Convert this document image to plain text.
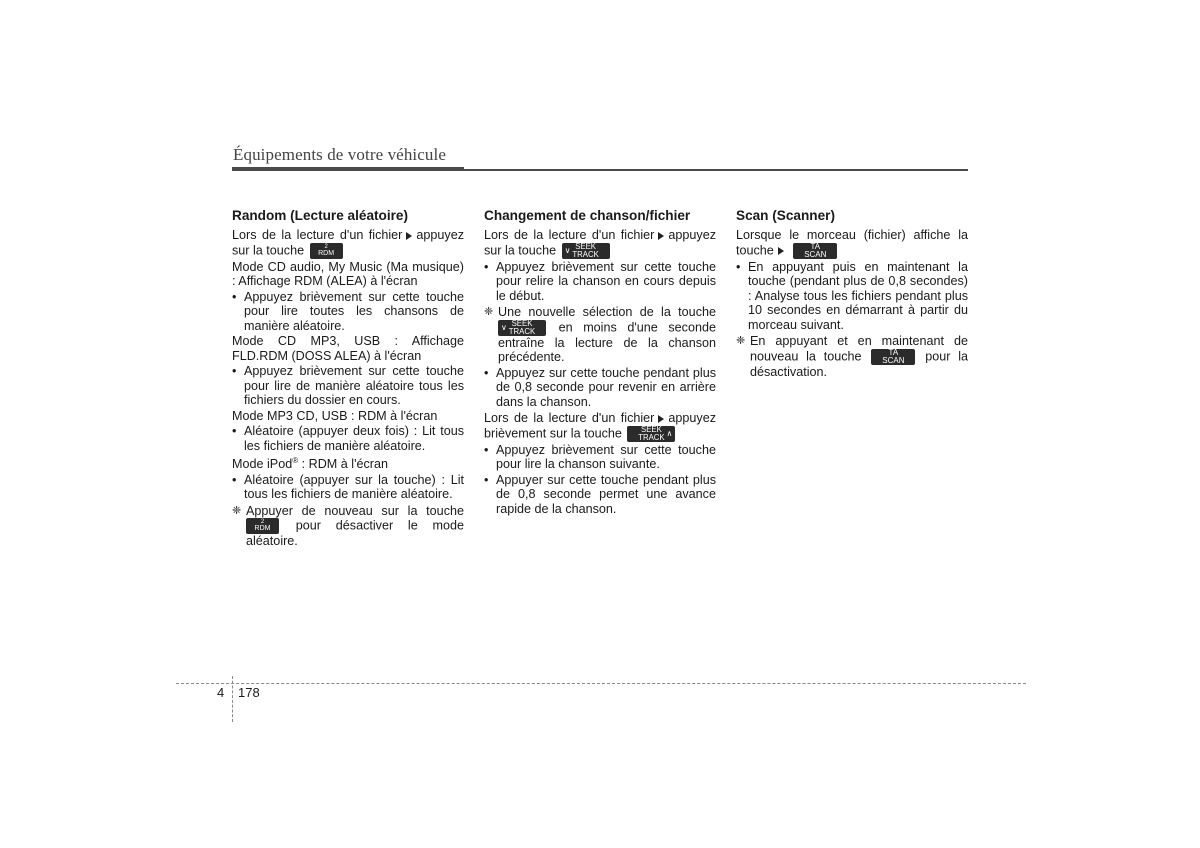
Équipements de votre véhicule
Random (Lecture aléatoire)

Lors de la lecture d'un fichier appuyez sur la touche	2
RDM

Mode CD audio, My Music (Ma musique) : Affichage RDM (ALEA) à l'écran

• Appuyez brièvement sur cette touche pour lire toutes les chansons de manière aléatoire.

Mode CD MP3, USB : Affichage FLD.RDM (DOSS ALEA) à l'écran

• Appuyez brièvement sur cette touche pour lire de manière aléatoire tous les fichiers du dossier en cours.

Mode MP3 CD, USB : RDM à l'écran

• Aléatoire (appuyer deux fois) : Lit tous les fichiers de manière aléatoire.

Mode iPod® : RDM à l'écran

• Aléatoire (appuyer sur la touche) : Lit tous les fichiers de manière aléatoire.
❈ Appuyer de nouveau sur la touche
2
RDM	pour désactiver le mode aléatoire.
Changement de chanson/fichier

Lors de la lecture d'un fichier appuyez sur la touche ∨ SEEK
TRACK

• Appuyez brièvement sur cette touche pour relire la chanson en cours depuis le début.
❈ Une nouvelle sélection de la touche
∨ SEEK
TRACK	en moins d'une seconde entraîne la lecture de la chanson précédente.
• Appuyez sur cette touche pendant plus de 0,8 seconde pour revenir en arrière dans la chanson.

Lors de la lecture d'un fichier appuyez brièvement sur la touche	∧
SEEK
TRACK

• Appuyez brièvement sur cette touche pour lire la chanson suivante.
• Appuyer sur cette touche pendant plus de 0,8 seconde permet une avance rapide de la chanson.
Scan (Scanner)

Lorsque le morceau (fichier) affiche la touche	TA
SCAN

• En appuyant puis en maintenant la touche (pendant plus de 0,8 secondes) : Analyse tous les fichiers pendant plus 10 secondes en démarrant à partir du morceau suivant.
❈ En appuyant et en maintenant de nouveau la touche	TA
SCAN	pour la désactivation.
4 178
